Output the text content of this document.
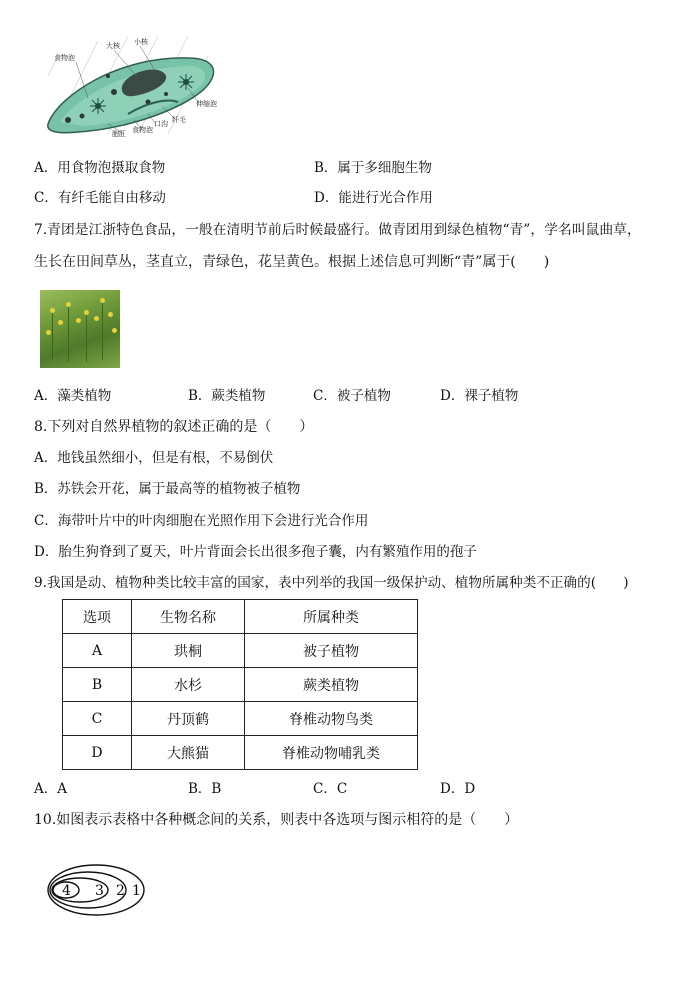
食物泡
大核 小核
伸缩泡
纤毛
口沟
食物泡
胞肛
A．用食物泡摄取食物	B．属于多细胞生物
C．有纤毛能自由移动	D．能进行光合作用
7.青团是江浙特色食品，一般在清明节前后时候最盛行。做青团用到绿色植物“青”，学名叫鼠曲草，
生长在田间草丛，茎直立，青绿色，花呈黄色。根据上述信息可判断“青”属于(　　)
A．藻类植物	B．蕨类植物	C．被子植物	D．裸子植物
8.下列对自然界植物的叙述正确的是（　　）
A．地钱虽然细小，但是有根，不易倒伏
B．苏铁会开花，属于最高等的植物被子植物
C．海带叶片中的叶肉细胞在光照作用下会进行光合作用
D．胎生狗脊到了夏天，叶片背面会长出很多孢子囊，内有繁殖作用的孢子
9.我国是动、植物种类比较丰富的国家，表中列举的我国一级保护动、植物所属种类不正确的(　　)
选项	生物名称	所属种类
A	珙桐	被子植物
B	水杉	蕨类植物
C	丹顶鹤	脊椎动物鸟类
D	大熊猫	脊椎动物哺乳类
A．A	B．B	C．C	D．D
10.如图表示表格中各种概念间的关系，则表中各选项与图示相符的是（　　）
4 3 2 1
